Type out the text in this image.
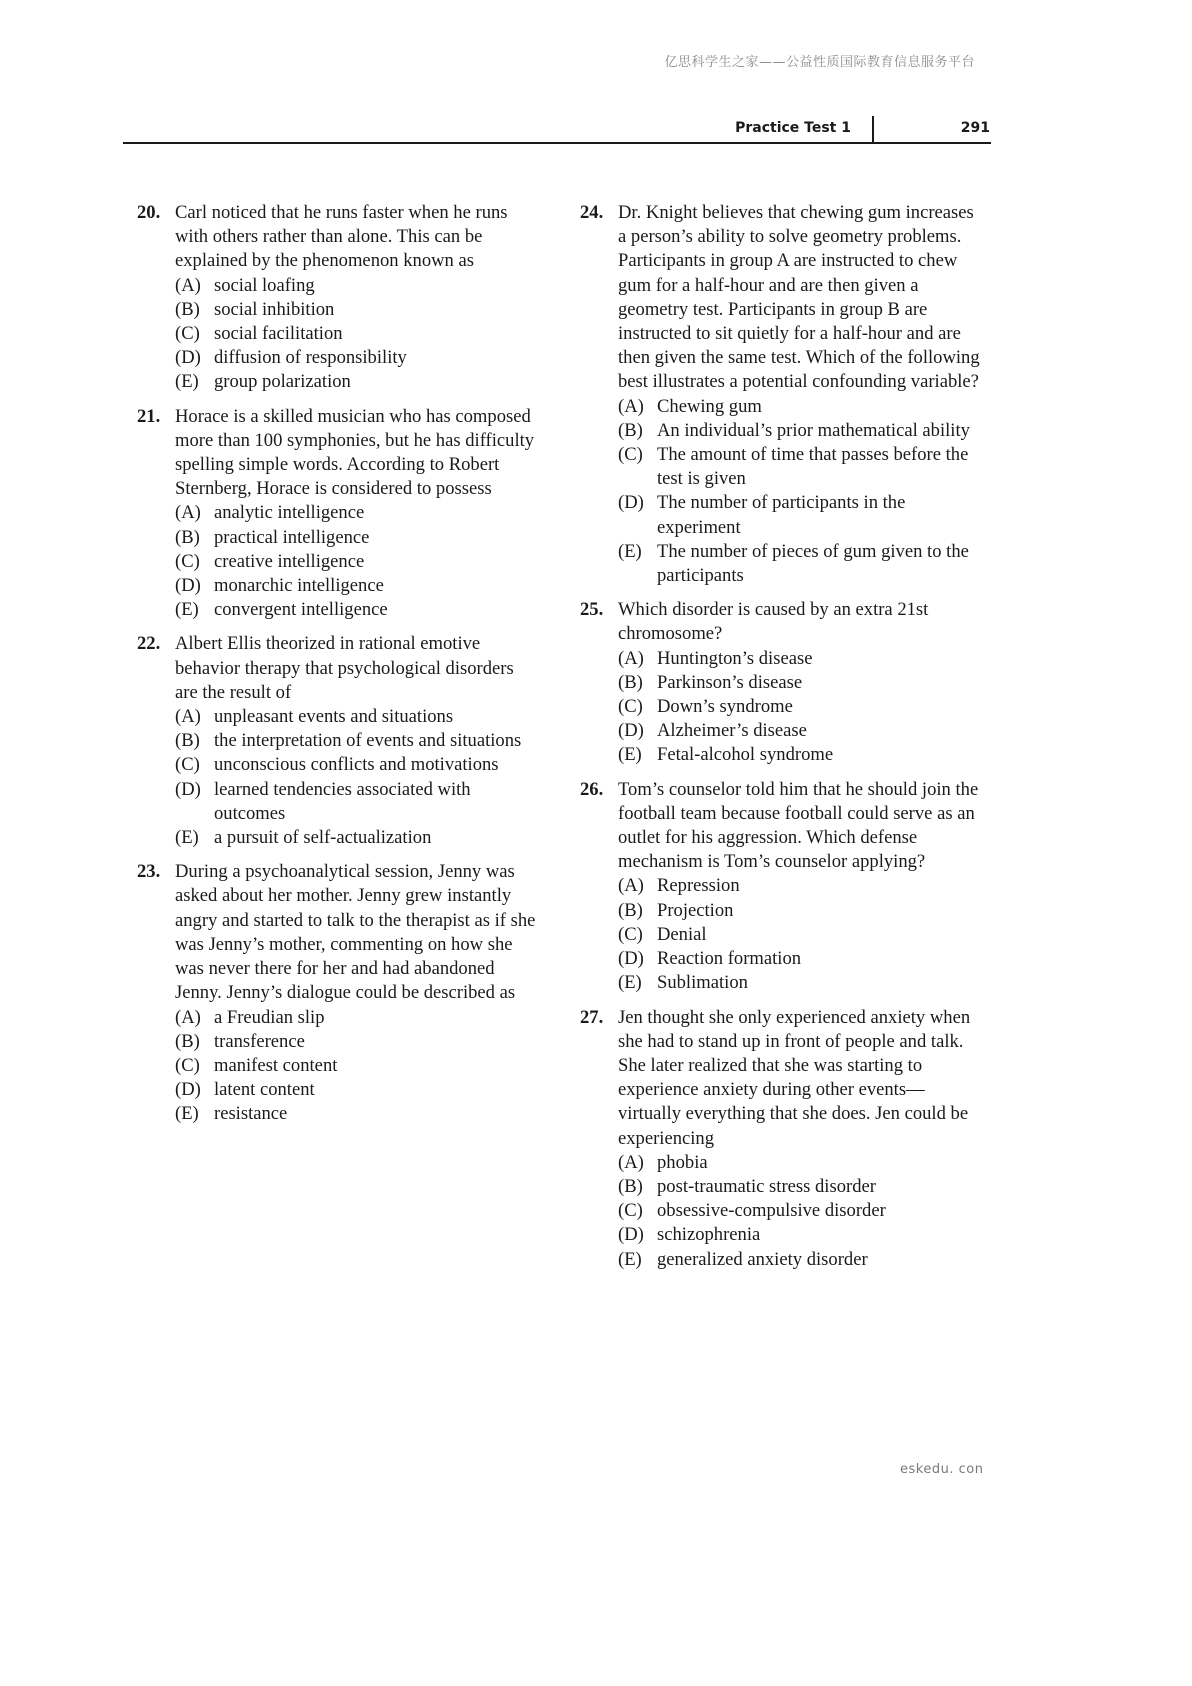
亿思科学生之家——公益性质国际教育信息服务平台
Practice Test 1	291
20. Carl noticed that he runs faster when he runs with others rather than alone. This can be explained by the phenomenon known as
(A) social loafing
(B) social inhibition
(C) social facilitation
(D) diffusion of responsibility
(E) group polarization
21. Horace is a skilled musician who has composed more than 100 symphonies, but he has difficulty spelling simple words. According to Robert Sternberg, Horace is considered to possess
(A) analytic intelligence
(B) practical intelligence
(C) creative intelligence
(D) monarchic intelligence
(E) convergent intelligence
22. Albert Ellis theorized in rational emotive behavior therapy that psychological disorders are the result of
(A) unpleasant events and situations
(B) the interpretation of events and situations
(C) unconscious conflicts and motivations
(D) learned tendencies associated with outcomes
(E) a pursuit of self-actualization
23. During a psychoanalytical session, Jenny was asked about her mother. Jenny grew instantly angry and started to talk to the therapist as if she was Jenny’s mother, commenting on how she was never there for her and had abandoned Jenny. Jenny’s dialogue could be described as
(A) a Freudian slip
(B) transference
(C) manifest content
(D) latent content
(E) resistance
24. Dr. Knight believes that chewing gum increases a person’s ability to solve geometry problems. Participants in group A are instructed to chew gum for a half-hour and are then given a geometry test. Participants in group B are instructed to sit quietly for a half-hour and are then given the same test. Which of the following best illustrates a potential confounding variable?
(A) Chewing gum
(B) An individual’s prior mathematical ability
(C) The amount of time that passes before the test is given
(D) The number of participants in the experiment
(E) The number of pieces of gum given to the participants
25. Which disorder is caused by an extra 21st chromosome?
(A) Huntington’s disease
(B) Parkinson’s disease
(C) Down’s syndrome
(D) Alzheimer’s disease
(E) Fetal-alcohol syndrome
26. Tom’s counselor told him that he should join the football team because football could serve as an outlet for his aggression. Which defense mechanism is Tom’s counselor applying?
(A) Repression
(B) Projection
(C) Denial
(D) Reaction formation
(E) Sublimation
27. Jen thought she only experienced anxiety when she had to stand up in front of people and talk. She later realized that she was starting to experience anxiety during other events—virtually everything that she does. Jen could be experiencing
(A) phobia
(B) post-traumatic stress disorder
(C) obsessive-compulsive disorder
(D) schizophrenia
(E) generalized anxiety disorder
eskedu. con
